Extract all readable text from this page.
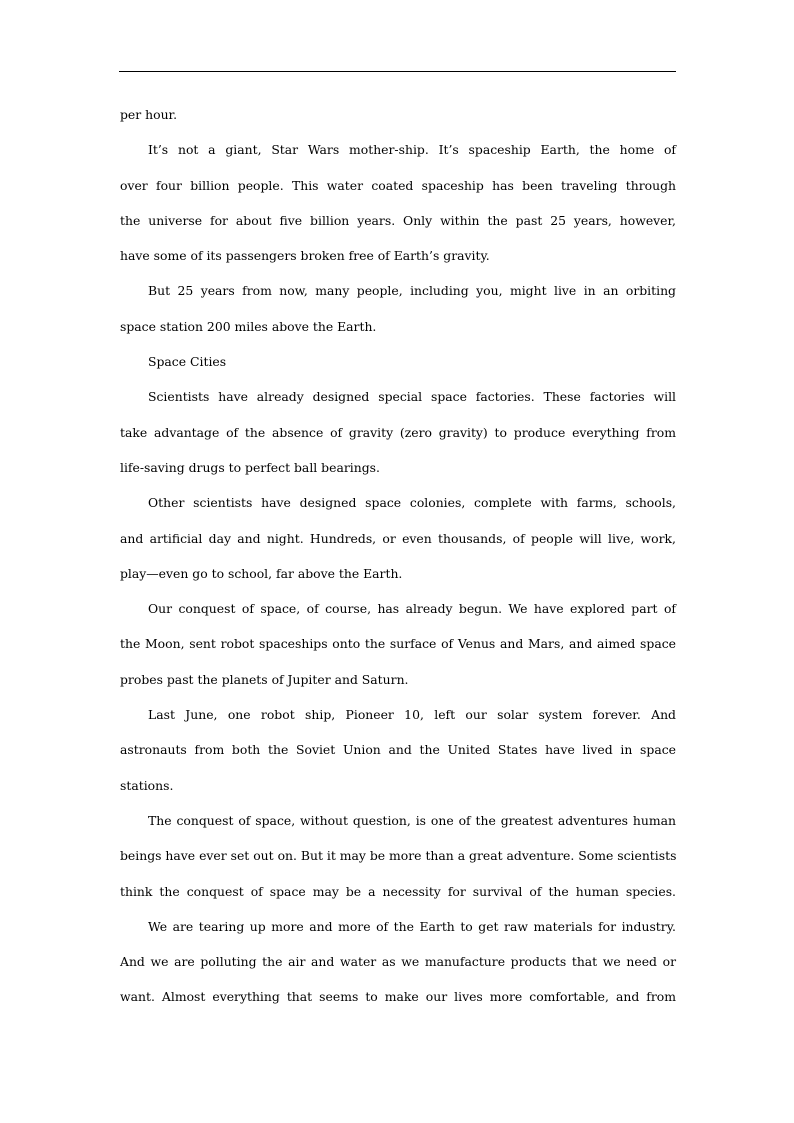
per hour.
It’s not a giant, Star Wars mother-ship. It’s spaceship Earth, the home of
over four billion people. This water coated spaceship has been traveling through
the universe for about five billion years. Only within the past 25 years, however,
have some of its passengers broken free of Earth’s gravity.
But 25 years from now, many people, including you, might live in an orbiting
space station 200 miles above the Earth.
Space Cities
Scientists have already designed special space factories. These factories will
take advantage of the absence of gravity (zero gravity) to produce everything from
life-saving drugs to perfect ball bearings.
Other scientists have designed space colonies, complete with farms, schools,
and artificial day and night. Hundreds, or even thousands, of people will live, work,
play—even go to school, far above the Earth.
Our conquest of space, of course, has already begun. We have explored part of
the Moon, sent robot spaceships onto the surface of Venus and Mars, and aimed space
probes past the planets of Jupiter and Saturn.
Last June, one robot ship, Pioneer 10, left our solar system forever. And
astronauts from both the Soviet Union and the United States have lived in space
stations.
The conquest of space, without question, is one of the greatest adventures human
beings have ever set out on. But it may be more than a great adventure. Some scientists
think the conquest of space may be a necessity for survival of the human species.
We are tearing up more and more of the Earth to get raw materials for industry.
And we are polluting the air and water as we manufacture products that we need or
want. Almost everything that seems to make our lives more comfortable, and from
